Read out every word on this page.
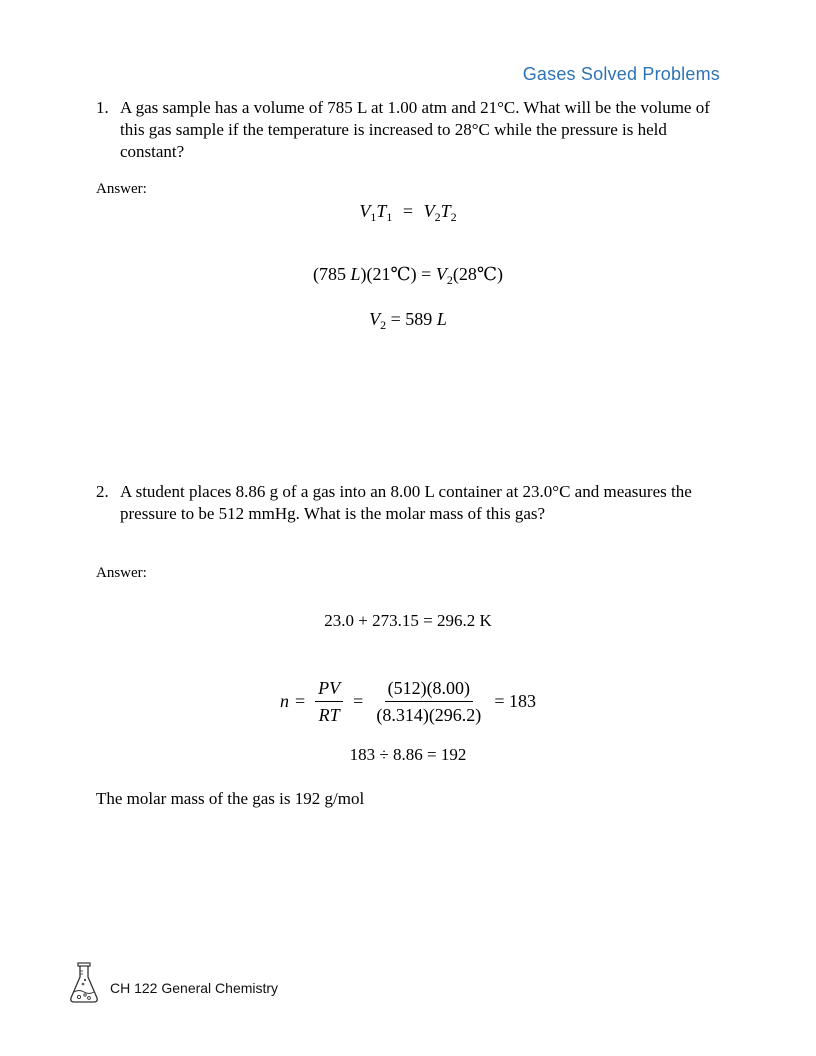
Gases Solved Problems
1. A gas sample has a volume of 785 L at 1.00 atm and 21°C. What will be the volume of this gas sample if the temperature is increased to 28°C while the pressure is held constant?
Answer:
$V_1T_1 = V_2T_2$
(785 L)(21℃) = $V_2(28℃)$
$V_2 = 589$ L
2. A student places 8.86 g of a gas into an 8.00 L container at 23.0°C and measures the pressure to be 512 mmHg. What is the molar mass of this gas?
Answer:
23.0 + 273.15 = 296.2 K
$n = \frac{PV}{RT} = \frac{(512)(8.00)}{(8.314)(296.2)} = 183$
183 ÷ 8.86 = 192
The molar mass of the gas is 192 g/mol
CH 122 General Chemistry
